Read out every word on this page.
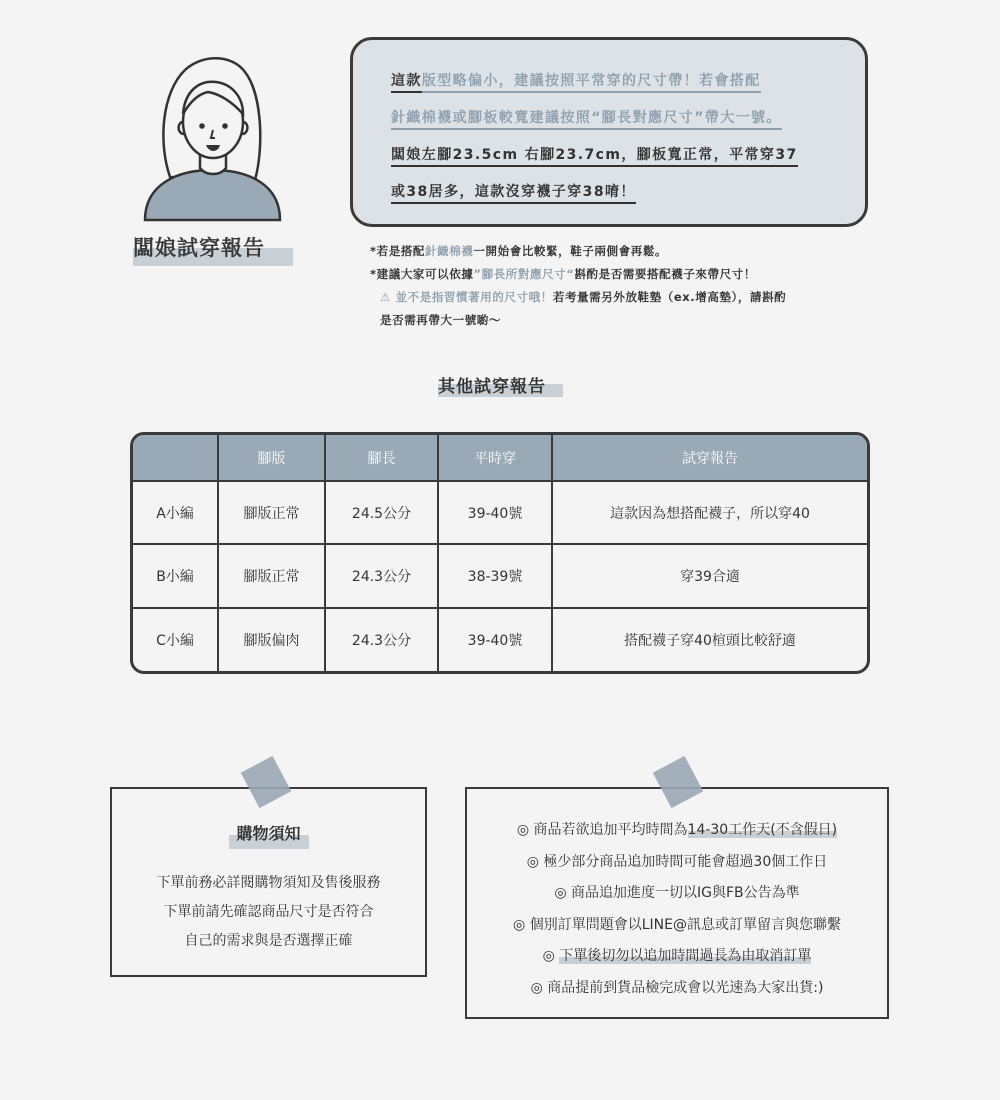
闆娘試穿報告
這款版型略偏小，建議按照平常穿的尺寸帶！若會搭配
針織棉襪或腳板較寬建議按照“腳長對應尺寸”帶大一號。
闆娘左腳23.5cm 右腳23.7cm，腳板寬正常，平常穿37
或38居多，這款沒穿襪子穿38唷！
*若是搭配針織棉襪一開始會比較緊，鞋子兩側會再鬆。
*建議大家可以依據”腳長所對應尺寸“斟酌是否需要搭配襪子來帶尺寸！
⚠ 並不是指習慣著用的尺寸哦！若考量需另外放鞋墊（ex.增高墊），請斟酌
是否需再帶大一號喲～
其他試穿報告
	腳版	腳長	平時穿	試穿報告
A小編	腳版正常	24.5公分	39-40號	這款因為想搭配襪子，所以穿40
B小編	腳版正常	24.3公分	38-39號	穿39合適
C小編	腳版偏肉	24.3公分	39-40號	搭配襪子穿40楦頭比較舒適
購物須知
下單前務必詳閱購物須知及售後服務
下單前請先確認商品尺寸是否符合
自己的需求與是否選擇正確
◎ 商品若欲追加平均時間為14-30工作天(不含假日)
◎ 極少部分商品追加時間可能會超過30個工作日
◎ 商品追加進度一切以IG與FB公告為準
◎ 個別訂單問題會以LINE@訊息或訂單留言與您聯繫
◎ 下單後切勿以追加時間過長為由取消訂單
◎ 商品提前到貨品檢完成會以光速為大家出貨:)
